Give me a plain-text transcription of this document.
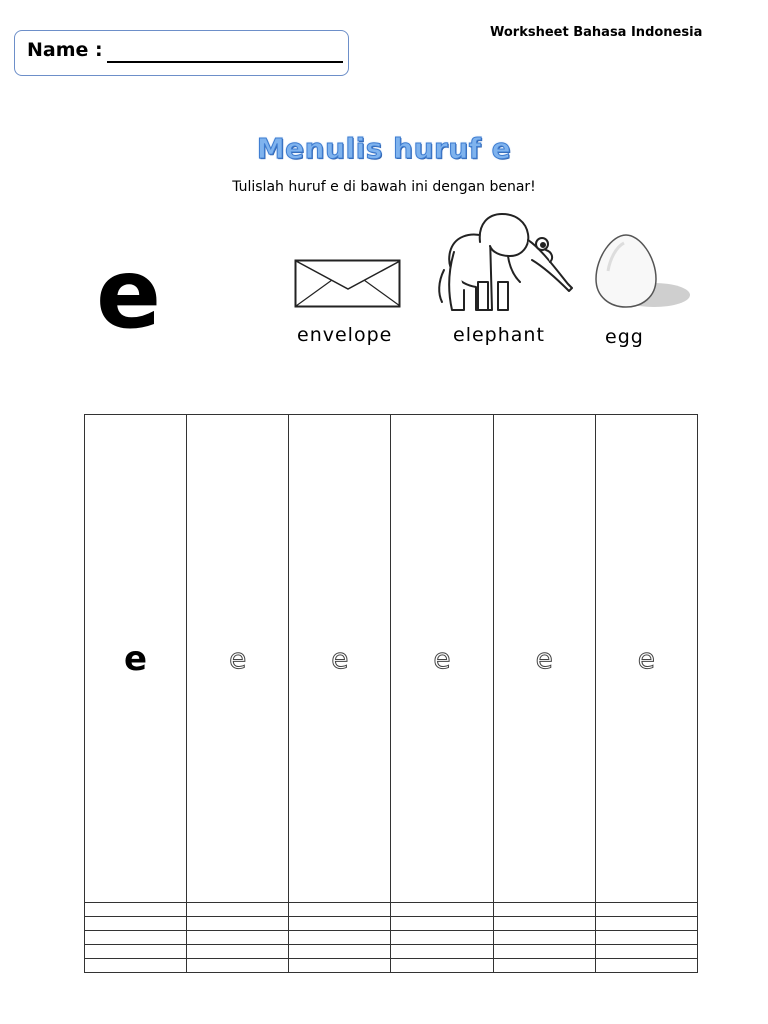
Name :
Worksheet Bahasa Indonesia
Menulis huruf e
Tulislah huruf e di bawah ini dengan benar!
e	envelope	elephant	egg
e	e	e	e	e	e
